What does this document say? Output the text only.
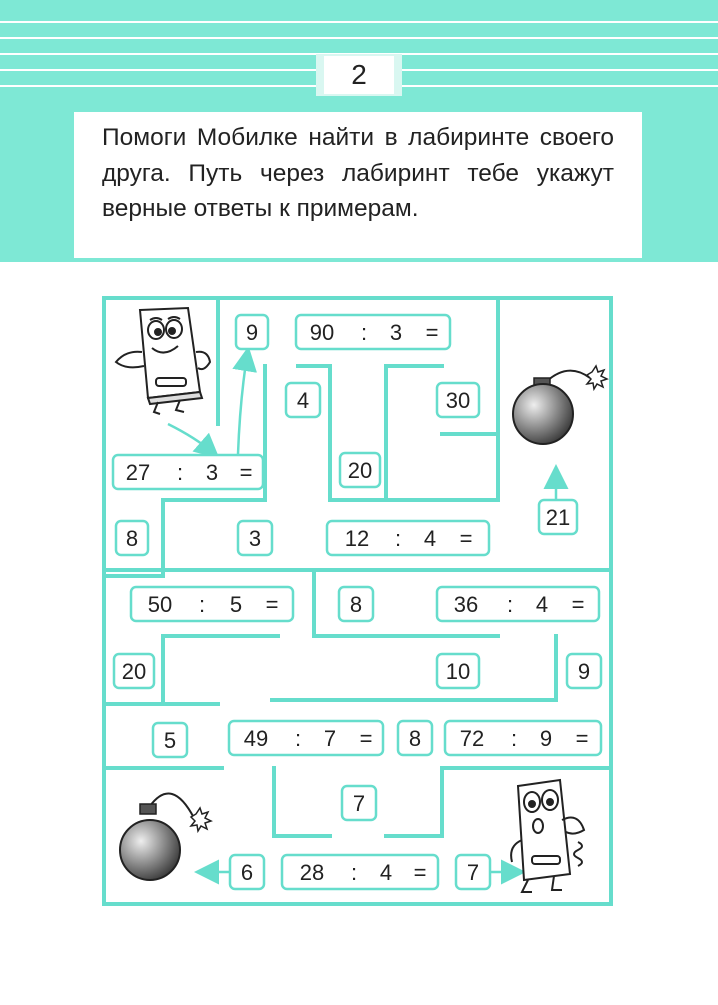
2
Помоги Мобилке найти в лабиринте своего друга. Путь через лабиринт тебе укажут верные ответы к примерам.
90 : 3 =
27 : 3 =
12 : 4 =
50 : 5 =	36 : 4 =
49 : 7 =	72 : 9 =
28 : 4 =
9
4	30
20
8	3
21
8
20	10	9
5	8
7
6	7
